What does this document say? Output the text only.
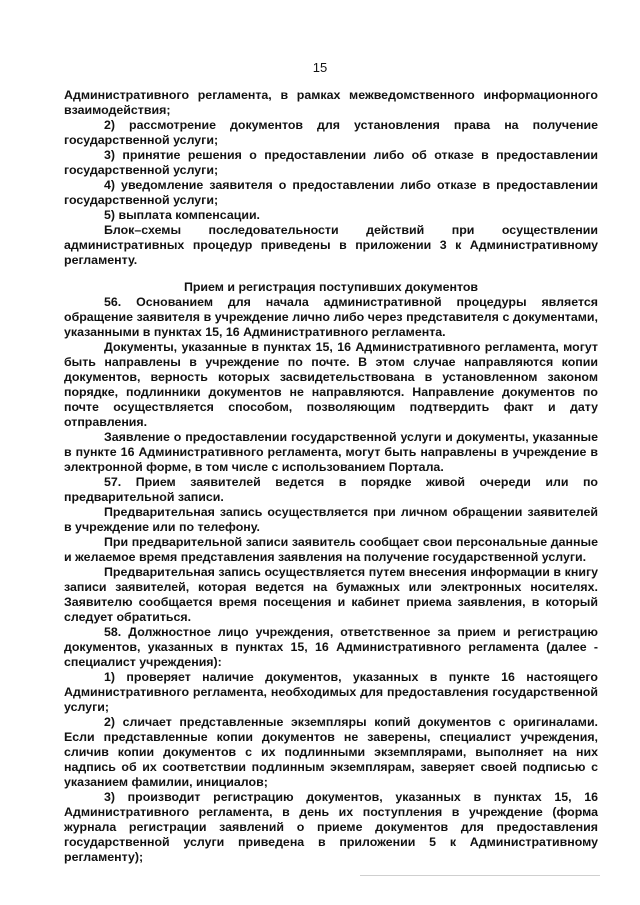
15

Административного регламента, в рамках межведомственного информационного взаимодействия;

2) рассмотрение документов для установления права на получение государственной услуги;

3) принятие решения о предоставлении либо об отказе в предоставлении государственной услуги;

4) уведомление заявителя о предоставлении либо отказе в предоставлении государственной услуги;

5) выплата компенсации.

Блок–схемы последовательности действий при осуществлении административных процедур приведены в приложении 3 к Административному регламенту.

Прием и регистрация поступивших документов

56. Основанием для начала административной процедуры является обращение заявителя в учреждение лично либо через представителя с документами, указанными в пунктах 15, 16 Административного регламента.

Документы, указанные в пунктах 15, 16 Административного регламента, могут быть направлены в учреждение по почте. В этом случае направляются копии документов, верность которых засвидетельствована в установленном законом порядке, подлинники документов не направляются. Направление документов по почте осуществляется способом, позволяющим подтвердить факт и дату отправления.

Заявление о предоставлении государственной услуги и документы, указанные в пункте 16 Административного регламента, могут быть направлены в учреждение в электронной форме, в том числе с использованием Портала.

57. Прием заявителей ведется в порядке живой очереди или по предварительной записи.

Предварительная запись осуществляется при личном обращении заявителей в учреждение или по телефону.

При предварительной записи заявитель сообщает свои персональные данные и желаемое время представления заявления на получение государственной услуги.

Предварительная запись осуществляется путем внесения информации в книгу записи заявителей, которая ведется на бумажных или электронных носителях. Заявителю сообщается время посещения и кабинет приема заявления, в который следует обратиться.

58. Должностное лицо учреждения, ответственное за прием и регистрацию документов, указанных в пунктах 15, 16 Административного регламента (далее - специалист учреждения):

1) проверяет наличие документов, указанных в пункте 16 настоящего Административного регламента, необходимых для предоставления государственной услуги;

2) сличает представленные экземпляры копий документов с оригиналами. Если представленные копии документов не заверены, специалист учреждения, сличив копии документов с их подлинными экземплярами, выполняет на них надпись об их соответствии подлинным экземплярам, заверяет своей подписью с указанием фамилии, инициалов;

3) производит регистрацию документов, указанных в пунктах 15, 16 Административного регламента, в день их поступления в учреждение (форма журнала регистрации заявлений о приеме документов для предоставления государственной услуги приведена в приложении 5 к Административному регламенту);
